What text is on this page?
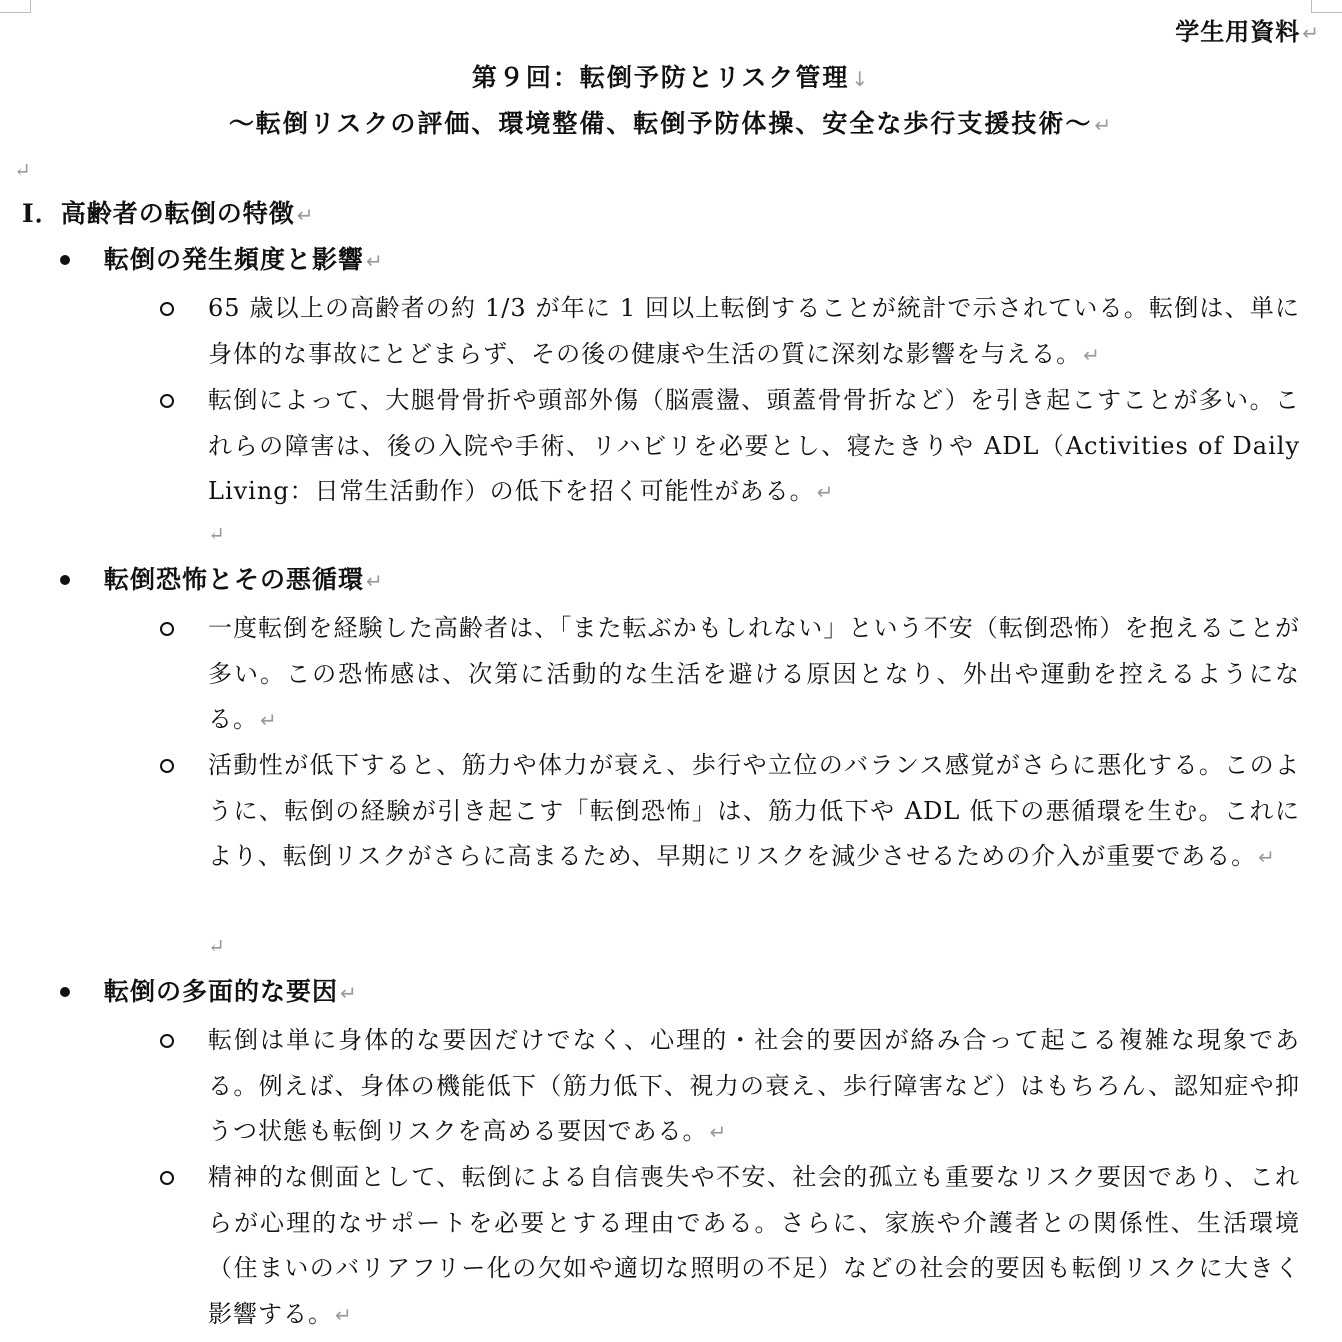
学生用資料 ↵
第９回：転倒予防とリスク管理 ↓
～転倒リスクの評価、環境整備、転倒予防体操、安全な歩行支援技術～ ↵
↵
Ⅰ．高齢者の転倒の特徴 ↵
転倒の発生頻度と影響 ↵
65 歳以上の高齢者の約 1/3 が年に 1 回以上転倒することが統計で示されている。転倒は、単に身体的な事故にとどまらず、その後の健康や生活の質に深刻な影響を与える。 ↵
転倒によって、大腿骨骨折や頭部外傷（脳震盪、頭蓋骨骨折など）を引き起こすことが多い。これらの障害は、後の入院や手術、リハビリを必要とし、寝たきりや ADL（Activities of Daily Living：日常生活動作）の低下を招く可能性がある。 ↵
↵
転倒恐怖とその悪循環 ↵
一度転倒を経験した高齢者は、「また転ぶかもしれない」という不安（転倒恐怖）を抱えることが多い。この恐怖感は、次第に活動的な生活を避ける原因となり、外出や運動を控えるようになる。 ↵
活動性が低下すると、筋力や体力が衰え、歩行や立位のバランス感覚がさらに悪化する。このように、転倒の経験が引き起こす「転倒恐怖」は、筋力低下や ADL 低下の悪循環を生む。これにより、転倒リスクがさらに高まるため、早期にリスクを減少させるための介入が重要である。 ↵
↵
転倒の多面的な要因 ↵
転倒は単に身体的な要因だけでなく、心理的・社会的要因が絡み合って起こる複雑な現象である。例えば、身体の機能低下（筋力低下、視力の衰え、歩行障害など）はもちろん、認知症や抑うつ状態も転倒リスクを高める要因である。 ↵
精神的な側面として、転倒による自信喪失や不安、社会的孤立も重要なリスク要因であり、これらが心理的なサポートを必要とする理由である。さらに、家族や介護者との関係性、生活環境（住まいのバリアフリー化の欠如や適切な照明の不足）などの社会的要因も転倒リスクに大きく影響する。 ↵
